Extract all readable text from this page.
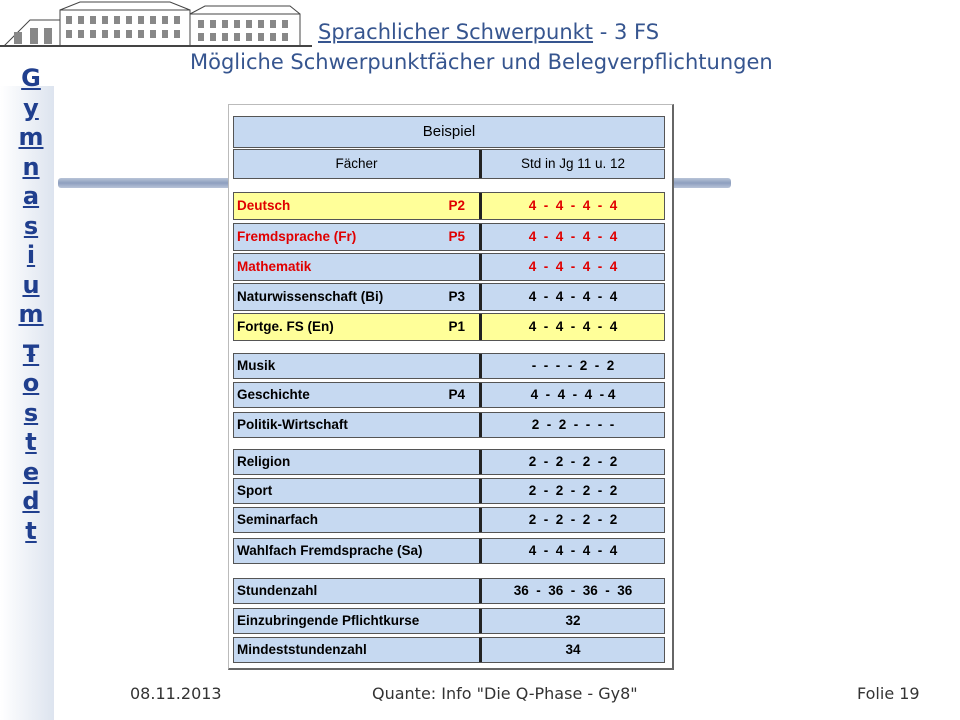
Sprachlicher Schwerpunkt - 3 FS
Mögliche Schwerpunktfächer und Belegverpflichtungen
G
y
m
n
a
s
i
u
m

T
o
s
t
e
d
t
Beispiel
Fächer	Std in Jg 11 u. 12
Deutsch	P2	4  -  4  -  4  -  4
Fremdsprache (Fr)	P5	4  -  4  -  4  -  4
Mathematik	4  -  4  -  4  -  4
Naturwissenschaft (Bi)	P3	4  -  4  -  4  -  4
Fortge. FS (En)	P1	4  -  4  -  4  -  4
Musik	-  -  -  -  2  -  2
Geschichte	P4	4  -  4  -  4  - 4
Politik-Wirtschaft	2  -  2  -  -  -  -
Religion	2  -  2  -  2  -  2
Sport	2  -  2  -  2  -  2
Seminarfach	2  -  2  -  2  -  2
Wahlfach Fremdsprache (Sa)	4  -  4  -  4  -  4
Stundenzahl	36  -  36  -  36  -  36
Einzubringende Pflichtkurse	32
Mindeststundenzahl	34
08.11.2013	Quante: Info "Die Q-Phase - Gy8"	Folie 19
